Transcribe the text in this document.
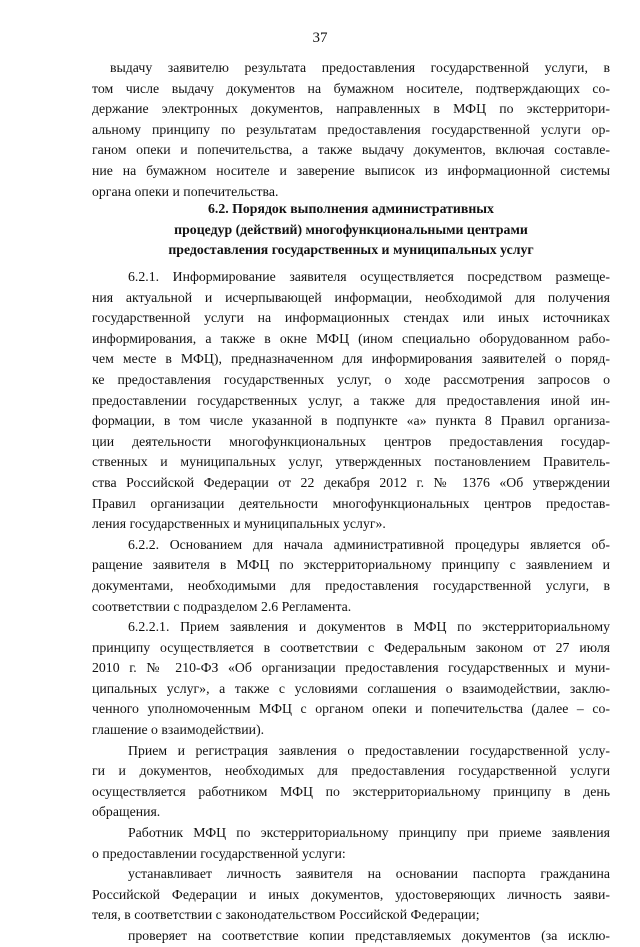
37
выдачу заявителю результата предоставления государственной услуги, в
том числе выдачу документов на бумажном носителе, подтверждающих со-
держание электронных документов, направленных в МФЦ по экстерритори-
альному принципу по результатам предоставления государственной услуги ор-
ганом опеки и попечительства, а также выдачу документов, включая составле-
ние на бумажном носителе и заверение выписок из информационной системы
органа опеки и попечительства.
6.2. Порядок выполнения административных
процедур (действий) многофункциональными центрами
предоставления государственных и муниципальных услуг
6.2.1. Информирование заявителя осуществляется посредством размеще-
ния актуальной и исчерпывающей информации, необходимой для получения
государственной услуги на информационных стендах или иных источниках
информирования, а также в окне МФЦ (ином специально оборудованном рабо-
чем месте в МФЦ), предназначенном для информирования заявителей о поряд-
ке предоставления государственных услуг, о ходе рассмотрения запросов о
предоставлении государственных услуг, а также для предоставления иной ин-
формации, в том числе указанной в подпункте «а» пункта 8 Правил организа-
ции деятельности многофункциональных центров предоставления государ-
ственных и муниципальных услуг, утвержденных постановлением Правитель-
ства Российской Федерации от 22 декабря 2012 г. № 1376 «Об утверждении
Правил организации деятельности многофункциональных центров предостав-
ления государственных и муниципальных услуг».
6.2.2. Основанием для начала административной процедуры является об-
ращение заявителя в МФЦ по экстерриториальному принципу с заявлением и
документами, необходимыми для предоставления государственной услуги, в
соответствии с подразделом 2.6 Регламента.
6.2.2.1. Прием заявления и документов в МФЦ по экстерриториальному
принципу осуществляется в соответствии с Федеральным законом от 27 июля
2010 г. № 210-ФЗ «Об организации предоставления государственных и муни-
ципальных услуг», а также с условиями соглашения о взаимодействии, заклю-
ченного уполномоченным МФЦ с органом опеки и попечительства (далее – со-
глашение о взаимодействии).
Прием и регистрация заявления о предоставлении государственной услу-
ги и документов, необходимых для предоставления государственной услуги
осуществляется работником МФЦ по экстерриториальному принципу в день
обращения.
Работник МФЦ по экстерриториальному принципу при приеме заявления
о предоставлении государственной услуги:
устанавливает личность заявителя на основании паспорта гражданина
Российской Федерации и иных документов, удостоверяющих личность заяви-
теля, в соответствии с законодательством Российской Федерации;
проверяет на соответствие копии представляемых документов (за исклю-
